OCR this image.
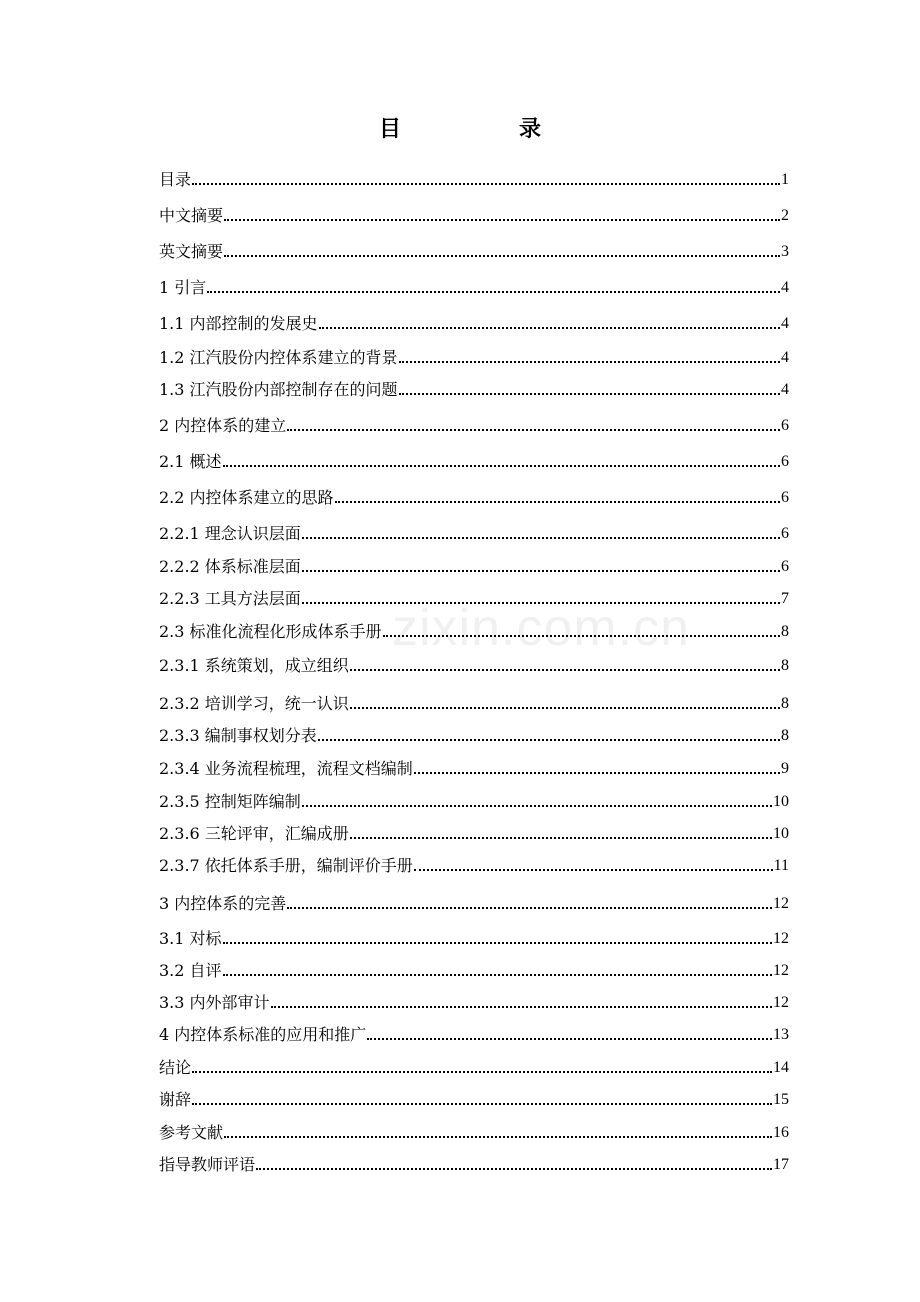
目　录
zixin.com.cn
目录	1
中文摘要	2
英文摘要	3
1 引言	4
1.1 内部控制的发展史	4
1.2 江汽股份内控体系建立的背景	4
1.3 江汽股份内部控制存在的问题	4
2 内控体系的建立	6
2.1 概述	6
2.2 内控体系建立的思路	6
2.2.1 理念认识层面	6
2.2.2 体系标准层面	6
2.2.3 工具方法层面	7
2.3 标准化流程化形成体系手册	8
2.3.1 系统策划，成立组织	8
2.3.2 培训学习，统一认识	8
2.3.3 编制事权划分表	8
2.3.4 业务流程梳理，流程文档编制	9
2.3.5 控制矩阵编制	10
2.3.6 三轮评审，汇编成册	10
2.3.7 依托体系手册，编制评价手册	11
3 内控体系的完善	12
3.1 对标	12
3.2 自评	12
3.3 内外部审计	12
4 内控体系标准的应用和推广	13
结论	14
谢辞	15
参考文献	16
指导教师评语	17
